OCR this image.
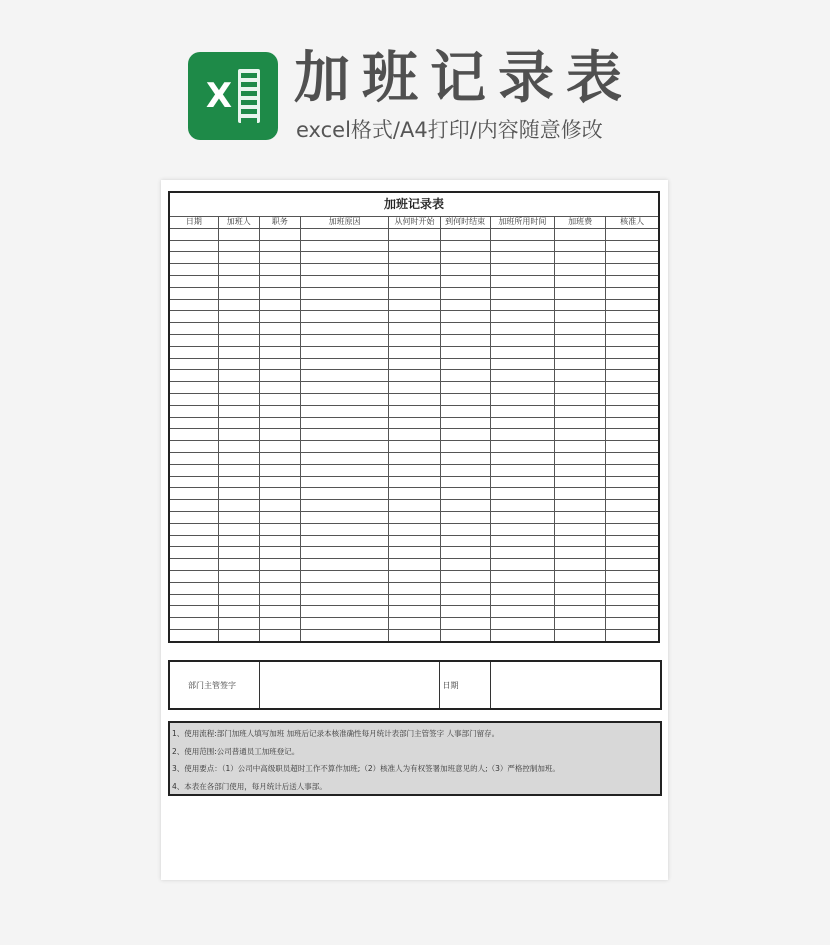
X 加班记录表
excel格式/A4打印/内容随意修改
加班记录表								
日期	加班人	职务	加班原因	从何时开始	到何时结束	加班所用时间	加班费	核准人

部门主管签字		日期	
1、使用流程:部门加班人填写加班 加班后记录本核准确性每月统计表部门主管签字 人事部门留存。
2、使用范围:公司普通员工加班登记。
3、使用要点：（1）公司中高级职员超时工作不算作加班;（2）核准人为有权签署加班意见的人;（3）严格控制加班。
4、本表在各部门使用，每月统计后送人事部。
